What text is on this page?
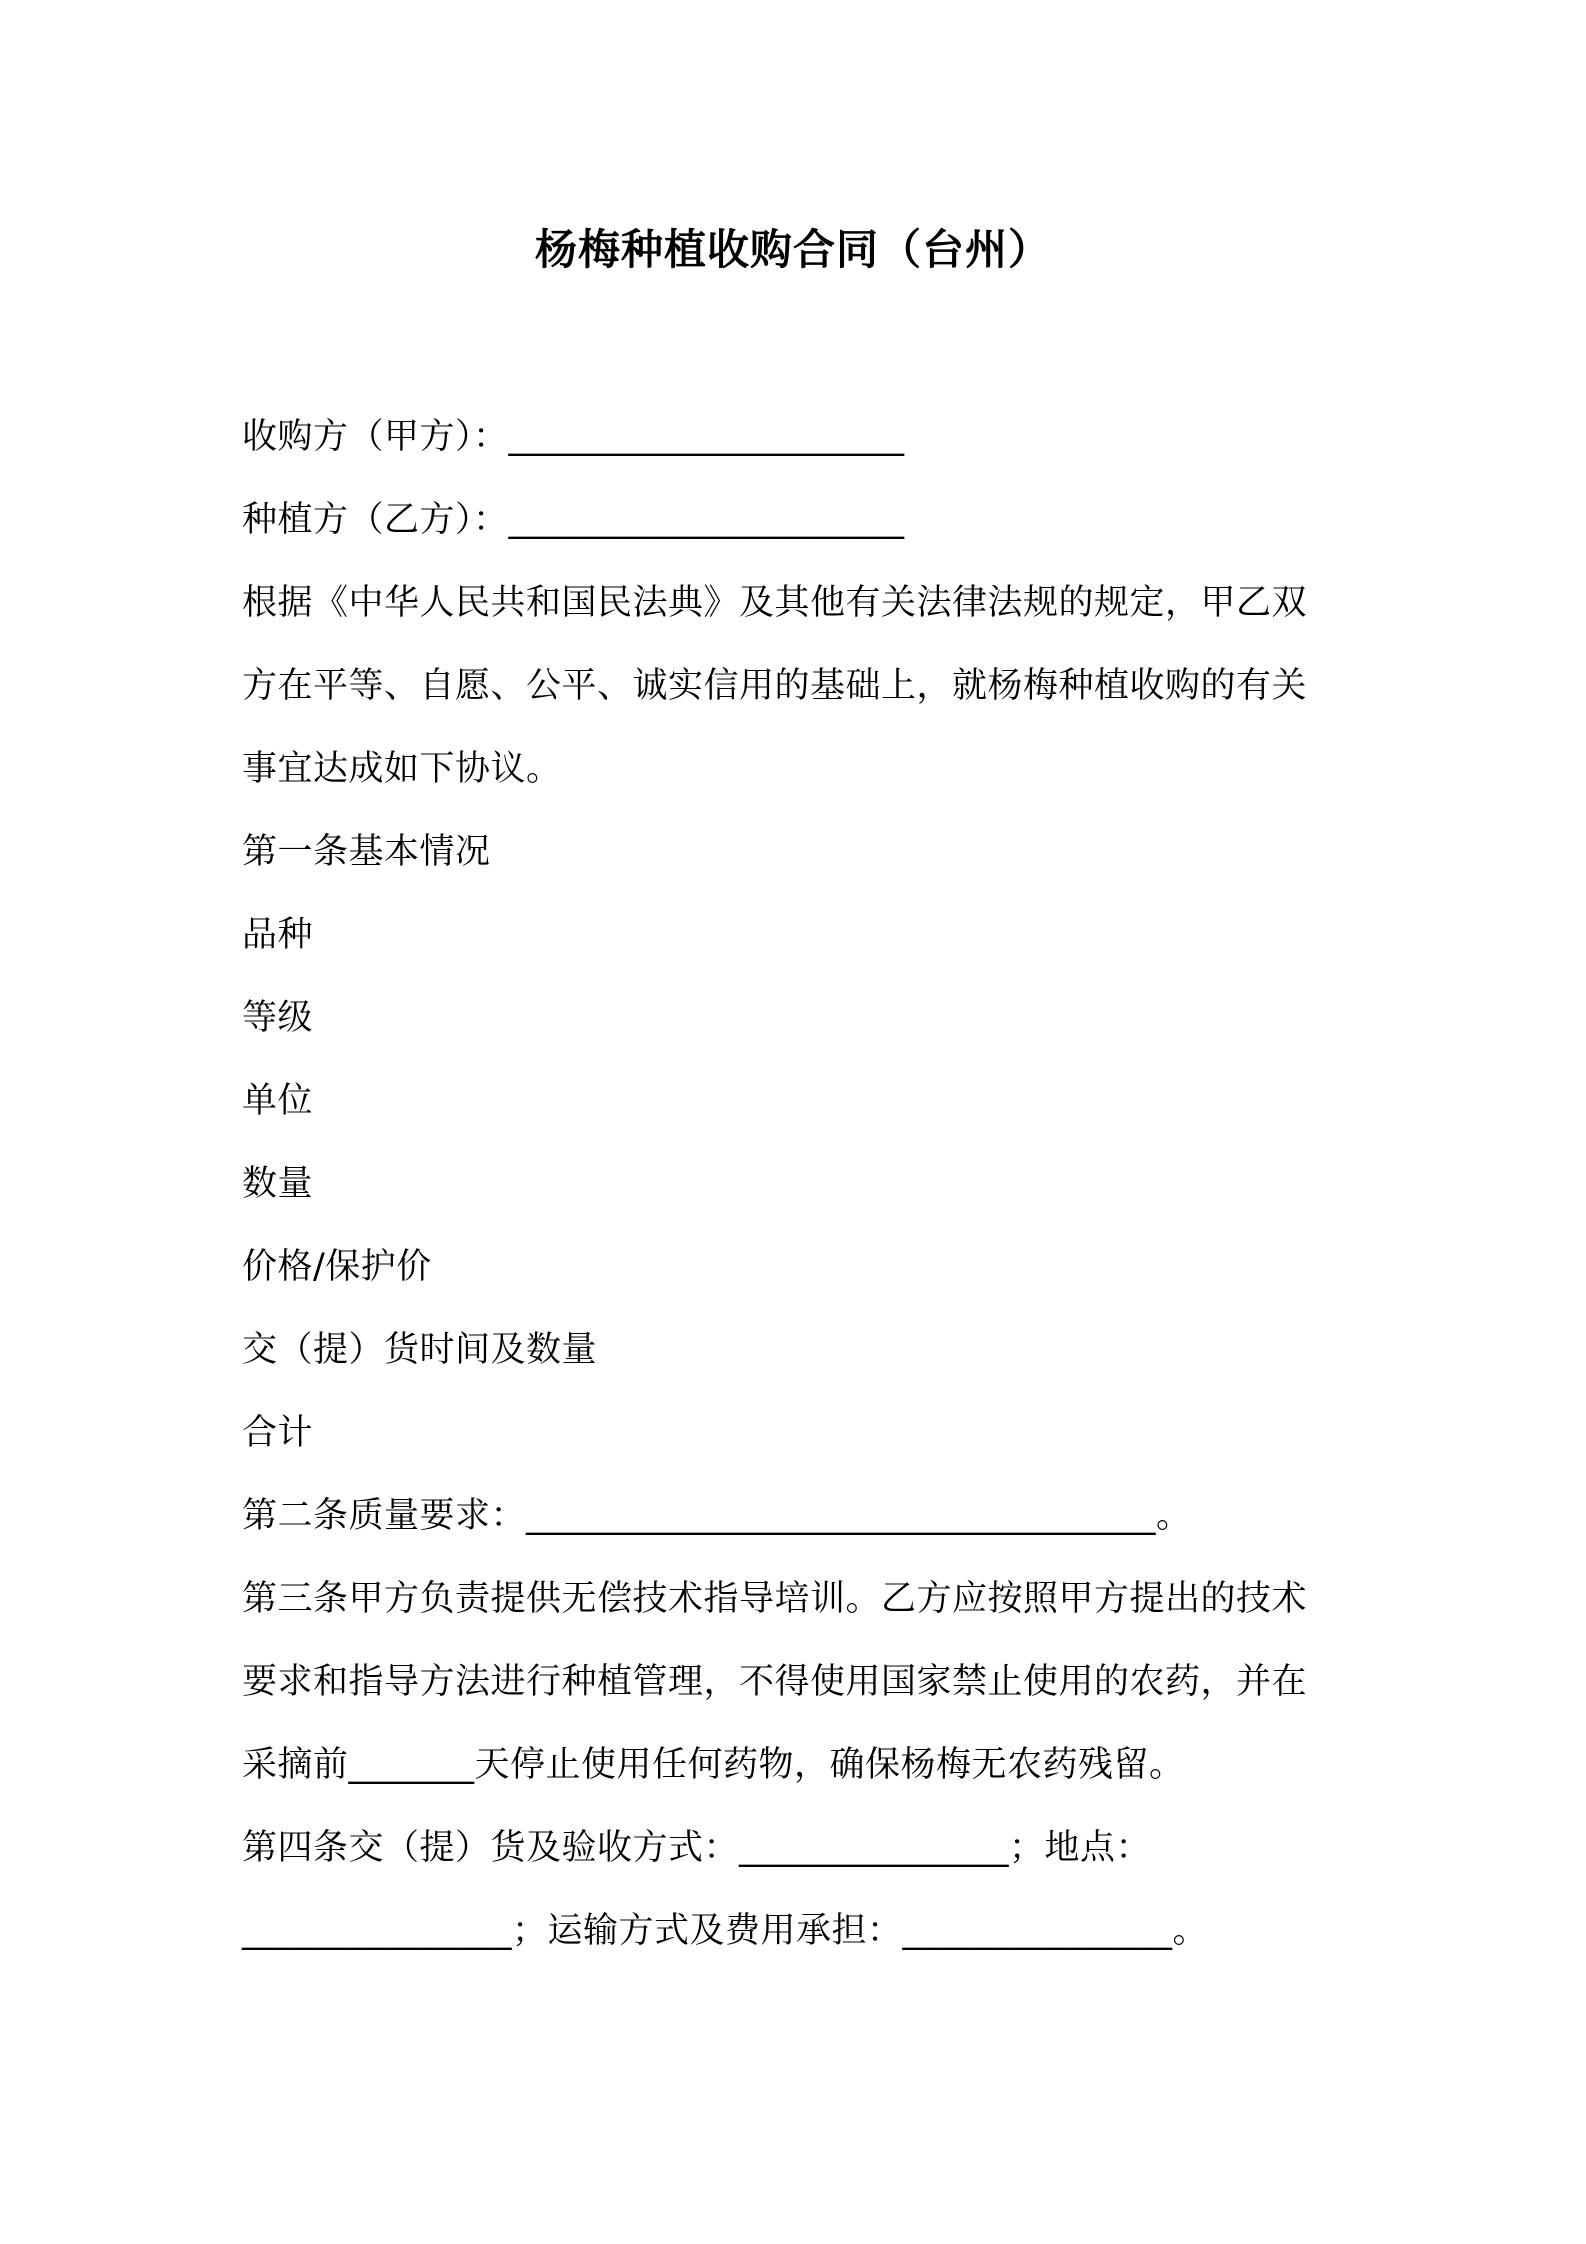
杨梅种植收购合同（台州）
收购方（甲方）：______________________
种植方（乙方）：______________________
根据《中华人民共和国民法典》及其他有关法律法规的规定，甲乙双
方在平等、自愿、公平、诚实信用的基础上，就杨梅种植收购的有关
事宜达成如下协议。
第一条基本情况
品种
等级
单位
数量
价格/保护价
交（提）货时间及数量
合计
第二条质量要求：___________________________________。
第三条甲方负责提供无偿技术指导培训。乙方应按照甲方提出的技术
要求和指导方法进行种植管理，不得使用国家禁止使用的农药，并在
采摘前_______天停止使用任何药物，确保杨梅无农药残留。
第四条交（提）货及验收方式：_______________；地点：
_______________；运输方式及费用承担：_______________。
